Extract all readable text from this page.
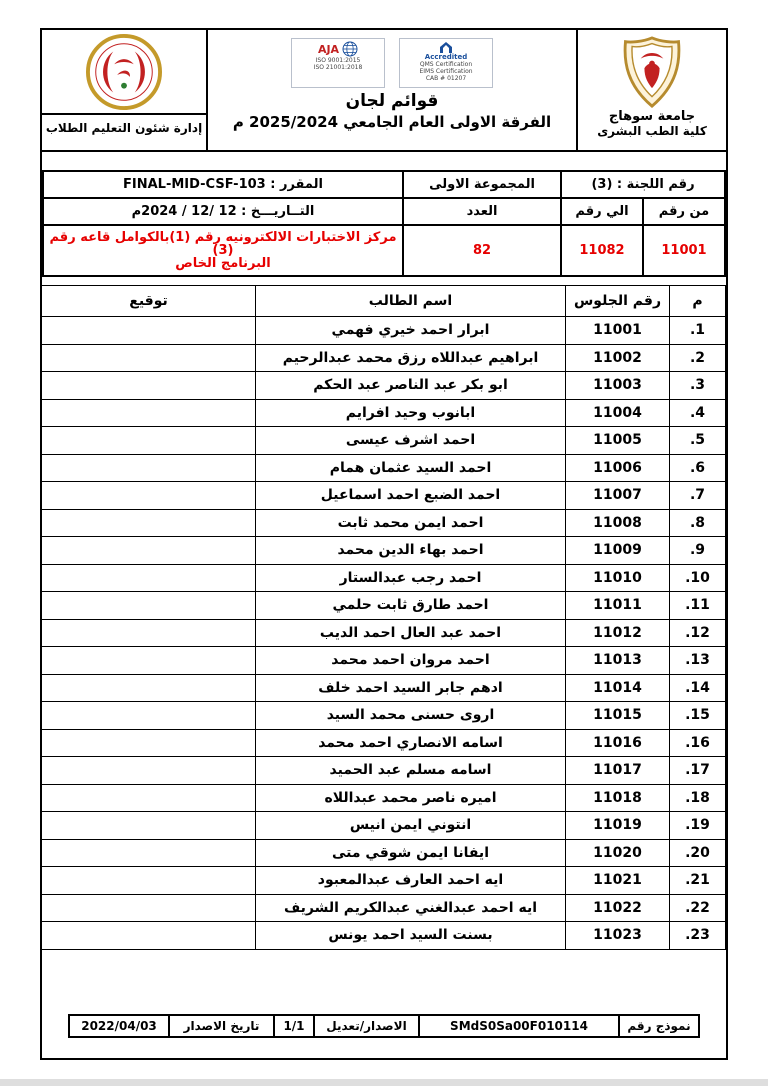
جامعة سوهاج
كلية الطب البشرى
Accredited
QMS Certification
EIMS Certification
CAB # 01207
AJA
ISO 9001:2015
ISO 21001:2018
قوائم لجان
الفرقة الاولى العام الجامعي 2025/2024 م
إدارة شئون التعليم الطلاب
رقم اللجنة : (3)		المجموعة الاولى	المقرر : FINAL-MID-CSF-103
من رقم	الي رقم	العدد	التــاريـــخ : 12 /12 / 2024م
11001	11082	82	مركز الاختبارات الالكترونيه رقم (1)بالكوامل قاعه رقم (3)
البرنامج الخاص
م	رقم الجلوس	اسم الطالب	توقيع
1.	11001	ابرار احمد خيري فهمي	
2.	11002	ابراهيم عبداللاه رزق محمد عبدالرحيم	
3.	11003	ابو بكر عبد الناصر عبد الحكم	
4.	11004	ابانوب وحيد افرايم	
5.	11005	احمد اشرف عيسى	
6.	11006	احمد السيد عثمان همام	
7.	11007	احمد الضبع احمد اسماعيل	
8.	11008	احمد ايمن محمد ثابت	
9.	11009	احمد بهاء الدين محمد	
10.	11010	احمد رجب عبدالستار	
11.	11011	احمد طارق ثابت حلمي	
12.	11012	احمد عبد العال احمد الديب	
13.	11013	احمد مروان احمد محمد	
14.	11014	ادهم جابر السيد احمد خلف	
15.	11015	اروى حسنى محمد السيد	
16.	11016	اسامه الانصاري احمد محمد	
17.	11017	اسامه مسلم عبد الحميد	
18.	11018	اميره ناصر محمد عبداللاه	
19.	11019	انتوني ايمن انيس	
20.	11020	ايفانا ايمن شوقي متى	
21.	11021	ايه احمد العارف عبدالمعبود	
22.	11022	ايه احمد عبدالغني عبدالكريم الشريف	
23.	11023	بسنت السيد احمد يونس	
نموذج رقم	SMdS0Sa00F010114	الاصدار/تعديل	1/1	تاريخ الاصدار	2022/04/03
